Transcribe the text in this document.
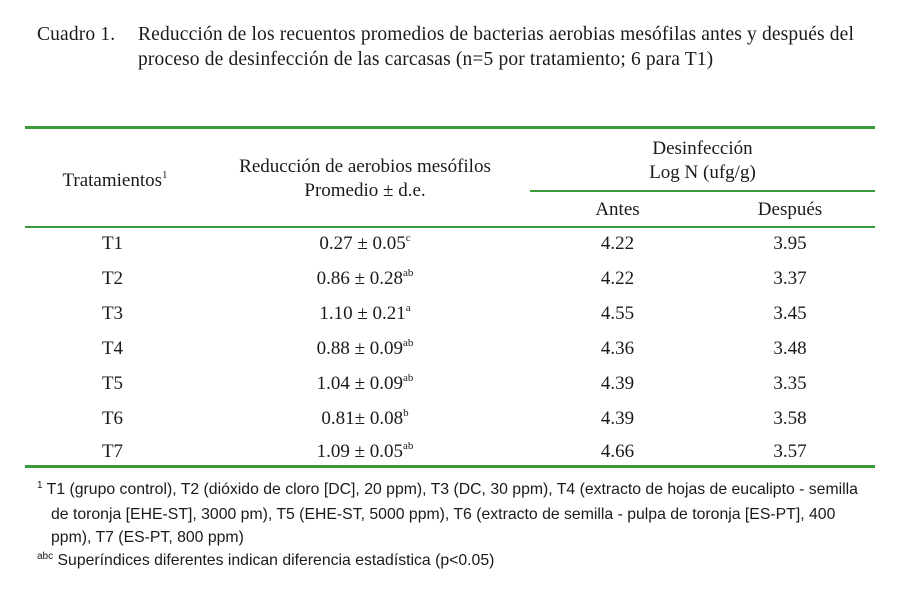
Cuadro 1. Reducción de los recuentos promedios de bacterias aerobias mesófilas antes y después del proceso de desinfección de las carcasas (n=5 por tratamiento; 6 para T1)
Tratamientos$^1$	Reducción de aerobios mesófilos
Promedio ± d.e.
Desinfección
Log N (ufg/g)
Antes	Después
T1	0.27 ± 0.05$^c$	4.22	3.95
T2	0.86 ± 0.28$^{ab}$	4.22	3.37
T3	1.10 ± 0.21$^a$	4.55	3.45
T4	0.88 ± 0.09$^{ab}$	4.36	3.48
T5	1.04 ± 0.09$^{ab}$	4.39	3.35
T6	0.81± 0.08$^b$	4.39	3.58
T7	1.09 ± 0.05$^{ab}$	4.66	3.57
$^1$ T1 (grupo control), T2 (dióxido de cloro [DC], 20 ppm), T3 (DC, 30 ppm), T4 (extracto de hojas de eucalipto - semilla de toronja [EHE-ST], 3000 pm), T5 (EHE-ST, 5000 ppm), T6 (extracto de semilla - pulpa de toronja [ES-PT], 400 ppm), T7 (ES-PT, 800 ppm)
$^{abc}$ Superíndices diferentes indican diferencia estadística (p<0.05)
